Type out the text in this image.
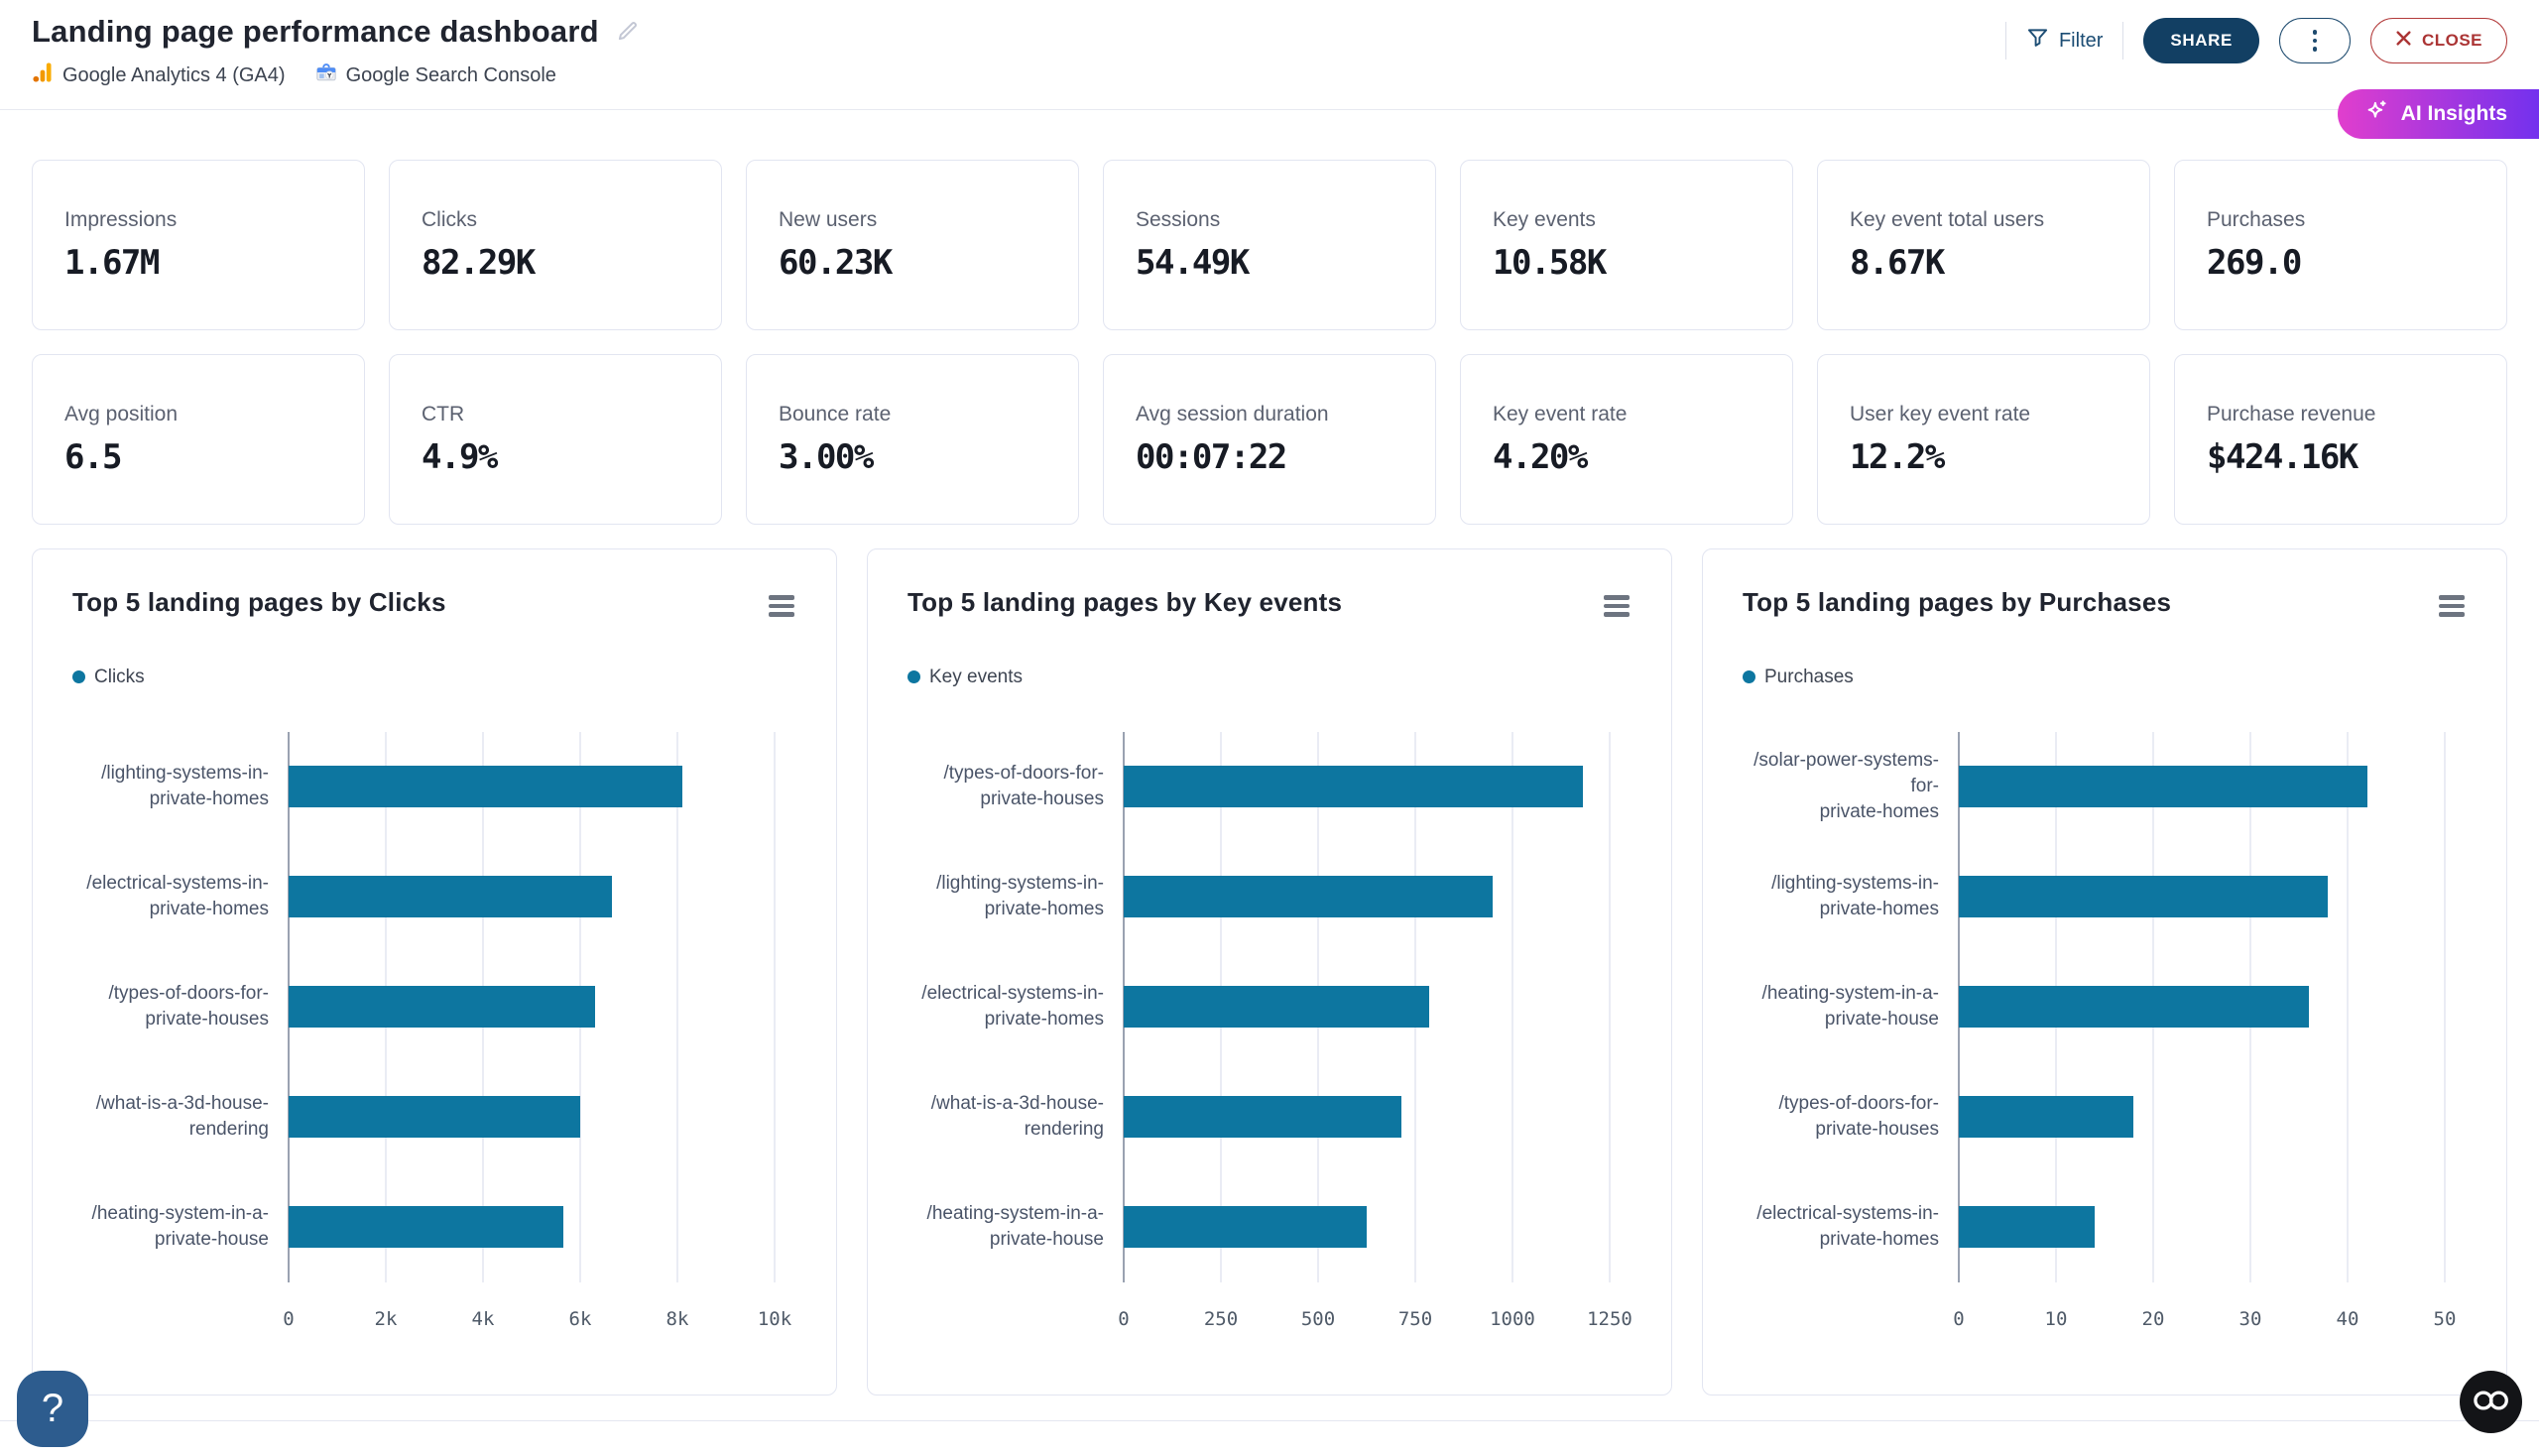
Landing page performance dashboard
Google Analytics 4 (GA4)	Google Search Console
Filter	SHARE	CLOSE
AI Insights
Impressions
1.67M
Clicks
82.29K
New users
60.23K
Sessions
54.49K
Key events
10.58K
Key event total users
8.67K
Purchases
269.0
Avg position
6.5
CTR
4.9%
Bounce rate
3.00%
Avg session duration
00:07:22
Key event rate
4.20%
User key event rate
12.2%
Purchase revenue
$424.16K
Top 5 landing pages by Clicks
Clicks
/lighting-systems-in-
private-homes
/electrical-systems-in-
private-homes
/types-of-doors-for-
private-houses
/what-is-a-3d-house-
rendering
/heating-system-in-a-
private-house
0	2k	4k	6k	8k	10k
Top 5 landing pages by Key events
Key events
/types-of-doors-for-
private-houses
/lighting-systems-in-
private-homes
/electrical-systems-in-
private-homes
/what-is-a-3d-house-
rendering
/heating-system-in-a-
private-house
0	250	500	750	1000	1250
Top 5 landing pages by Purchases
Purchases
/solar-power-systems-for-
private-homes
/lighting-systems-in-
private-homes
/heating-system-in-a-
private-house
/types-of-doors-for-
private-houses
/electrical-systems-in-
private-homes
0	10	20	30	40	50
?
